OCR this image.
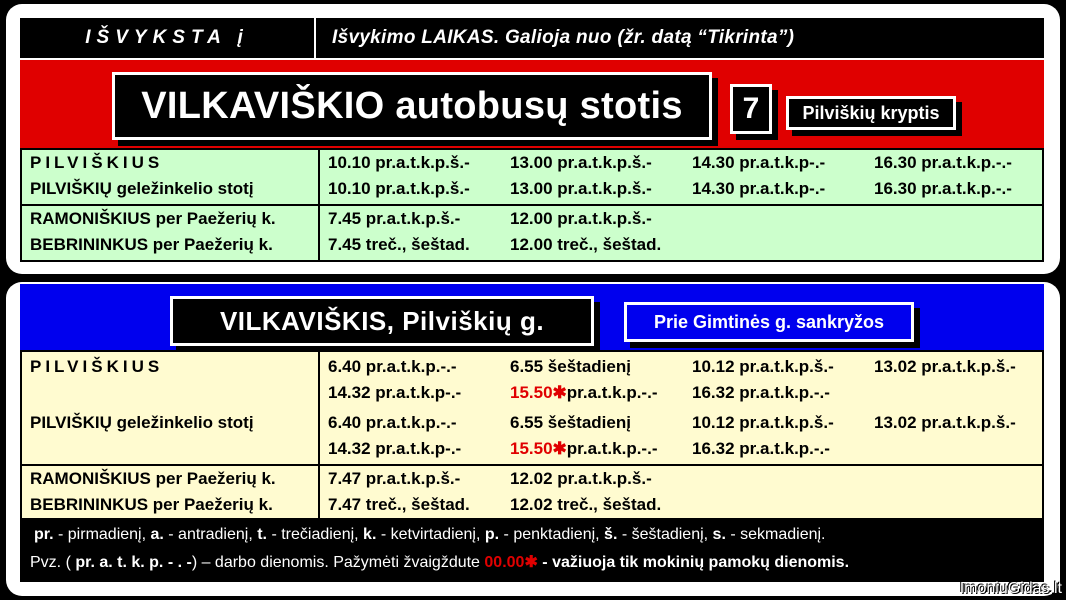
IŠVYKSTA į	Išvykimo LAIKAS. Galioja nuo (žr. datą “Tikrinta”)
VILKAVIŠKIO autobusų stotis	7	Pilviškių kryptis
PILVIŠKIUS	10.10 pr.a.t.k.p.š.- 13.00 pr.a.t.k.p.š.- 14.30 pr.a.t.k.p-.-	16.30 pr.a.t.k.p.-.-
PILVIŠKIŲ geležinkelio stotį	10.10 pr.a.t.k.p.š.- 13.00 pr.a.t.k.p.š.- 14.30 pr.a.t.k.p-.-	16.30 pr.a.t.k.p.-.-
RAMONIŠKIUS per Paežerių k.	7.45 pr.a.t.k.p.š.-	12.00 pr.a.t.k.p.š.-
BEBRININKUS per Paežerių k.	7.45 treč., šeštad. 12.00 treč., šeštad.
VILKAVIŠKIS, Pilviškių g.	Prie Gimtinės g. sankryžos
PILVIŠKIUS	6.40 pr.a.t.k.p.-.-	6.55 šeštadienį	10.12 pr.a.t.k.p.š.- 13.02 pr.a.t.k.p.š.-
14.32 pr.a.t.k.p-.-	15.50✱pr.a.t.k.p.-.- 16.32 pr.a.t.k.p.-.-
PILVIŠKIŲ geležinkelio stotį	6.40 pr.a.t.k.p.-.-	6.55 šeštadienį	10.12 pr.a.t.k.p.š.- 13.02 pr.a.t.k.p.š.-
14.32 pr.a.t.k.p-.-	15.50✱pr.a.t.k.p.-.- 16.32 pr.a.t.k.p.-.-
RAMONIŠKIUS per Paežerių k.	7.47 pr.a.t.k.p.š.-	12.02 pr.a.t.k.p.š.-
BEBRININKUS per Paežerių k.	7.47 treč., šeštad. 12.02 treč., šeštad.
pr. - pirmadienį, a. - antradienį, t. - trečiadienį, k. - ketvirtadienį, p. - penktadienį, š. - šeštadienį, s. - sekmadienį.
Pvz. ( pr. a. t. k. p. - . -) – darbo dienomis. Pažymėti žvaigždute 00.00✱ - važiuoja tik mokinių pamokų dienomis.
ImoniuGidas.lt
